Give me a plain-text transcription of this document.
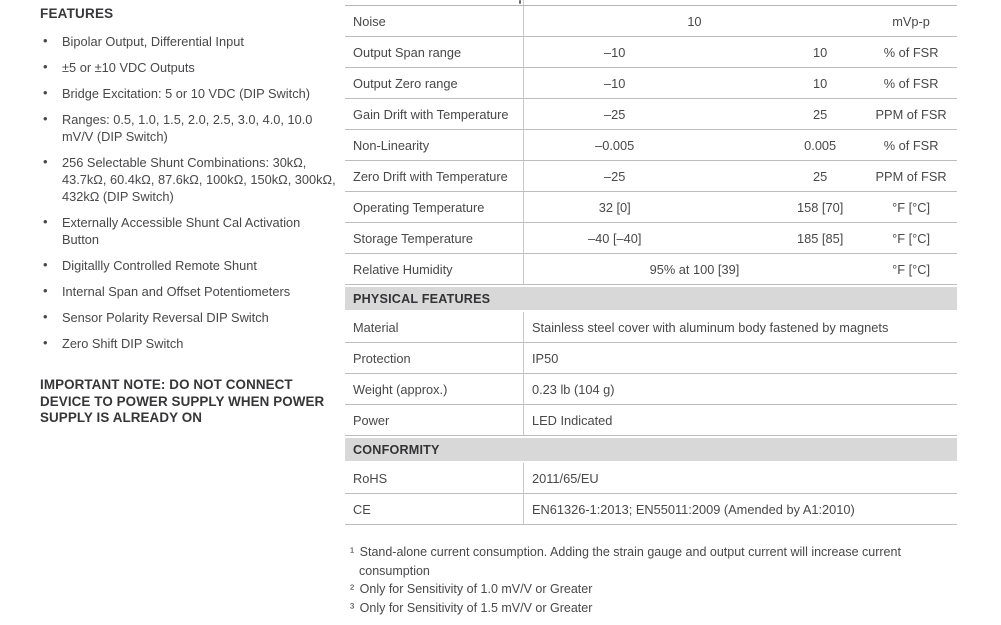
FEATURES
• Bipolar Output, Differential Input
• ±5 or ±10 VDC Outputs
• Bridge Excitation: 5 or 10 VDC (DIP Switch)
• Ranges: 0.5, 1.0, 1.5, 2.0, 2.5, 3.0, 4.0, 10.0 mV/V (DIP Switch)
• 256 Selectable Shunt Combinations: 30kΩ, 43.7kΩ, 60.4kΩ, 87.6kΩ, 100kΩ, 150kΩ, 300kΩ, 432kΩ (DIP Switch)
• Externally Accessible Shunt Cal Activation Button
• Digitallly Controlled Remote Shunt
• Internal Span and Offset Potentiometers
• Sensor Polarity Reversal DIP Switch
• Zero Shift DIP Switch
IMPORTANT NOTE: DO NOT CONNECT DEVICE TO POWER SUPPLY WHEN POWER SUPPLY IS ALREADY ON
Noise	10	mVp-p
Output Span range	–10	10	% of FSR
Output Zero range	–10	10	% of FSR
Gain Drift with Temperature	–25	25	PPM of FSR
Non-Linearity	–0.005	0.005	% of FSR
Zero Drift with Temperature	–25	25	PPM of FSR
Operating Temperature	32 [0]	158 [70]	°F [°C]
Storage Temperature	–40 [–40]	185 [85]	°F [°C]
Relative Humidity	95% at 100 [39]	°F [°C]
PHYSICAL FEATURES
Material	Stainless steel cover with aluminum body fastened by magnets
Protection	IP50
Weight (approx.)	0.23 lb (104 g)
Power	LED Indicated
CONFORMITY
RoHS	2011/65/EU
CE	EN61326-1:2013; EN55011:2009 (Amended by A1:2010)
¹ Stand-alone current consumption. Adding the strain gauge and output current will increase current consumption
² Only for Sensitivity of 1.0 mV/V or Greater
³ Only for Sensitivity of 1.5 mV/V or Greater
